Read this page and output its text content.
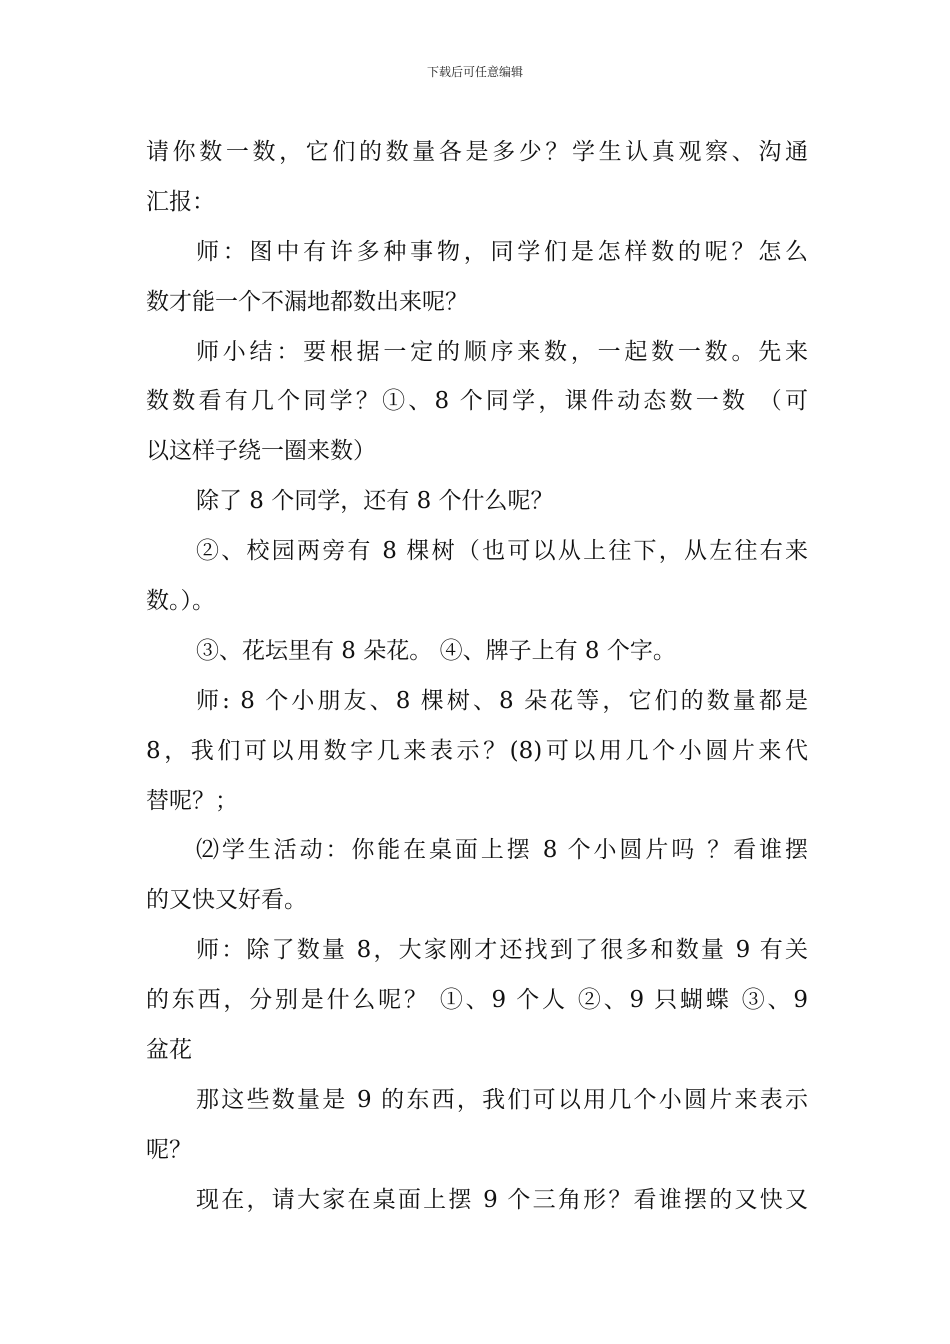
下载后可任意编辑
请你数一数，它们的数量各是多少？学生认真观察、沟通
汇报：
师：图中有许多种事物，同学们是怎样数的呢？怎么
数才能一个不漏地都数出来呢？
师小结：要根据一定的顺序来数，一起数一数。先来
数数看有几个同学？①、8 个同学，课件动态数一数 （可
以这样子绕一圈来数）
除了 8 个同学，还有 8 个什么呢？
②、校园两旁有 8 棵树（也可以从上往下，从左往右来
数。）。
③、花坛里有 8 朵花。 ④、牌子上有 8 个字。
师: 8 个小朋友、8 棵树、8 朵花等，它们的数量都是
8，我们可以用数字几来表示？(8)可以用几个小圆片来代
替呢？；
⑵学生活动：你能在桌面上摆 8 个小圆片吗 ？看谁摆
的又快又好看。
师：除了数量 8，大家刚才还找到了很多和数量 9 有关
的东西，分别是什么呢？ ①、9 个人 ②、9 只蝴蝶 ③、9
盆花
那这些数量是 9 的东西，我们可以用几个小圆片来表示
呢？
现在，请大家在桌面上摆 9 个三角形？看谁摆的又快又
